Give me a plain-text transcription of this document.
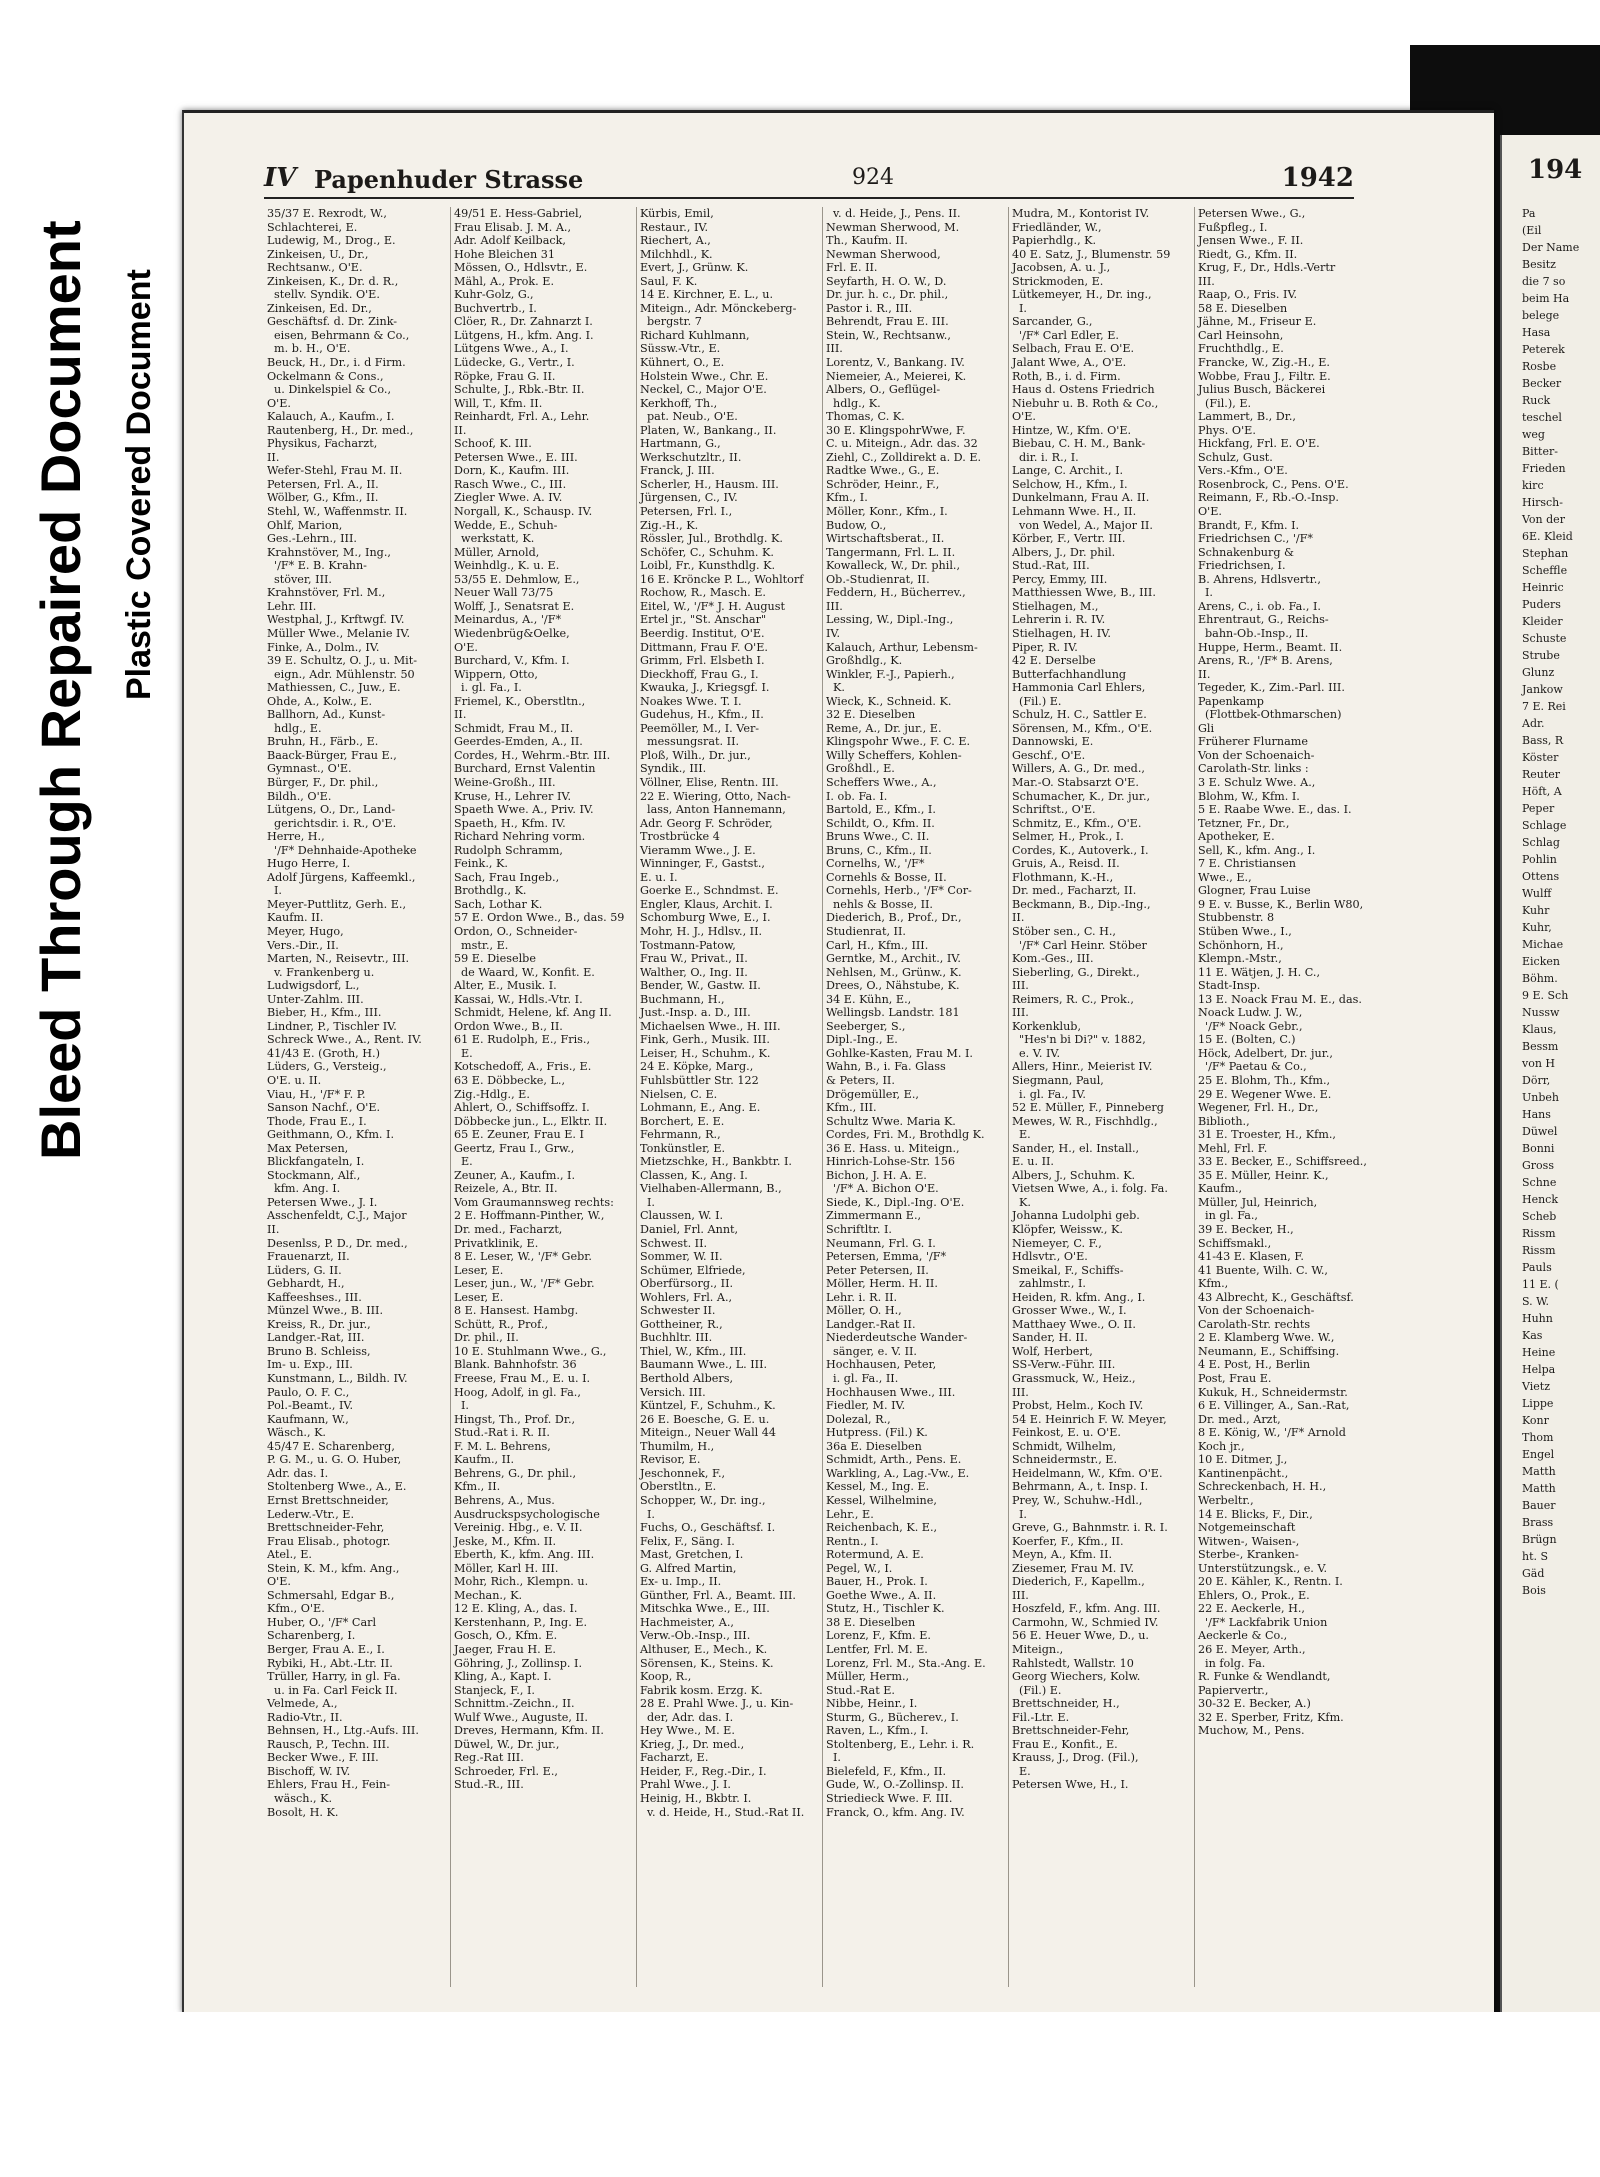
Bleed Through Repaired Document Plastic Covered Document
IV Papenhuder Strasse	924	1942
35/37 E. Rexrodt, W.,
Schlachterei, E.
Ludewig, M., Drog., E.
Zinkeisen, U., Dr.,
Rechtsanw., O'E.
Zinkeisen, K., Dr. d. R.,
stellv. Syndik. O'E.
Zinkeisen, Ed. Dr.,
Geschäftsf. d. Dr. Zink-
eisen, Behrmann & Co.,
m. b. H., O'E.
Beuck, H., Dr., i. d Firm.
Ockelmann & Cons.,
u. Dinkelspiel & Co.,
O'E.
Kalauch, A., Kaufm., I.
Rautenberg, H., Dr. med.,
Physikus, Facharzt,
II.
Wefer-Stehl, Frau M. II.
Petersen, Frl. A., II.
Wölber, G., Kfm., II.
Stehl, W., Waffenmstr. II.
Ohlf, Marion,
Ges.-Lehrn., III.
Krahnstöver, M., Ing.,
'/F* E. B. Krahn-
stöver, III.
Krahnstöver, Frl. M.,
Lehr. III.
Westphal, J., Krftwgf. IV.
Müller Wwe., Melanie IV.
Finke, A., Dolm., IV.
39 E. Schultz, O. J., u. Mit-
eign., Adr. Mühlenstr. 50
Mathiessen, C., Juw., E.
Ohde, A., Kolw., E.
Ballhorn, Ad., Kunst-
hdlg., E.
Bruhn, H., Färb., E.
Baack-Bürger, Frau E.,
Gymnast., O'E.
Bürger, F., Dr. phil.,
Bildh., O'E.
Lütgens, O., Dr., Land-
gerichtsdir. i. R., O'E.
Herre, H.,
'/F* Dehnhaide-Apotheke
Hugo Herre, I.
Adolf Jürgens, Kaffeemkl.,
I.
Meyer-Puttlitz, Gerh. E.,
Kaufm. II.
Meyer, Hugo,
Vers.-Dir., II.
Marten, N., Reisevtr., III.
v. Frankenberg u.
Ludwigsdorf, L.,
Unter-Zahlm. III.
Bieber, H., Kfm., III.
Lindner, P., Tischler IV.
Schreck Wwe., A., Rent. IV.
41/43 E. (Groth, H.)
Lüders, G., Versteig.,
O'E. u. II.
Viau, H., '/F* F. P.
Sanson Nachf., O'E.
Thode, Frau E., I.
Geithmann, O., Kfm. I.
Max Petersen,
Blickfangateln, I.
Stockmann, Alf.,
kfm. Ang. I.
Petersen Wwe., J. I.
Asschenfeldt, C.J., Major
II.
Desenlss, P. D., Dr. med.,
Frauenarzt, II.
Lüders, G. II.
Gebhardt, H.,
Kaffeeshses., III.
Münzel Wwe., B. III.
Kreiss, R., Dr. jur.,
Landger.-Rat, III.
Bruno B. Schleiss,
Im- u. Exp., III.
Kunstmann, L., Bildh. IV.
Paulo, O. F. C.,
Pol.-Beamt., IV.
Kaufmann, W.,
Wäsch., K.
45/47 E. Scharenberg,
P. G. M., u. G. O. Huber,
Adr. das. I.
Stoltenberg Wwe., A., E.
Ernst Brettschneider,
Lederw.-Vtr., E.
Brettschneider-Fehr,
Frau Elisab., photogr.
Atel., E.
Stein, K. M., kfm. Ang.,
O'E.
Schmersahl, Edgar B.,
Kfm., O'E.
Huber, O., '/F* Carl
Scharenberg, I.
Berger, Frau A. E., I.
Rybiki, H., Abt.-Ltr. II.
Trüller, Harry, in gl. Fa.
u. in Fa. Carl Feick II.
Velmede, A.,
Radio-Vtr., II.
Behnsen, H., Ltg.-Aufs. III.
Rausch, P., Techn. III.
Becker Wwe., F. III.
Bischoff, W. IV.
Ehlers, Frau H., Fein-
wäsch., K.
Bosolt, H. K.
49/51 E. Hess-Gabriel,
Frau Elisab. J. M. A.,
Adr. Adolf Keilback,
Hohe Bleichen 31
Mössen, O., Hdlsvtr., E.
Mähl, A., Prok. E.
Kuhr-Golz, G.,
Buchvertrb., I.
Clöer, R., Dr. Zahnarzt I.
Lütgens, H., kfm. Ang. I.
Lütgens Wwe., A., I.
Lüdecke, G., Vertr., I.
Röpke, Frau G. II.
Schulte, J., Rbk.-Btr. II.
Will, T., Kfm. II.
Reinhardt, Frl. A., Lehr.
II.
Schoof, K. III.
Petersen Wwe., E. III.
Dorn, K., Kaufm. III.
Rasch Wwe., C., III.
Ziegler Wwe. A. IV.
Norgall, K., Schausp. IV.
Wedde, E., Schuh-
werkstatt, K.
Müller, Arnold,
Weinhdlg., K. u. E.
53/55 E. Dehmlow, E.,
Neuer Wall 73/75
Wolff, J., Senatsrat E.
Meinardus, A., '/F*
Wiedenbrüg&Oelke,
O'E.
Burchard, V., Kfm. I.
Wippern, Otto,
i. gl. Fa., I.
Friemel, K., Oberstltn.,
II.
Schmidt, Frau M., II.
Geerdes-Emden, A., II.
Cordes, H., Wehrm.-Btr. III.
Burchard, Ernst Valentin
Weine-Großh., III.
Kruse, H., Lehrer IV.
Spaeth Wwe. A., Priv. IV.
Spaeth, H., Kfm. IV.
Richard Nehring vorm.
Rudolph Schramm,
Feink., K.
Sach, Frau Ingeb.,
Brothdlg., K.
Sach, Lothar K.
57 E. Ordon Wwe., B., das. 59
Ordon, O., Schneider-
mstr., E.
59 E. Dieselbe
de Waard, W., Konfit. E.
Alter, E., Musik. I.
Kassai, W., Hdls.-Vtr. I.
Schmidt, Helene, kf. Ang II.
Ordon Wwe., B., II.
61 E. Rudolph, E., Fris.,
E.
Kotschedoff, A., Fris., E.
63 E. Döbbecke, L.,
Zig.-Hdlg., E.
Ahlert, O., Schiffsoffz. I.
Döbbecke jun., L., Elktr. II.
65 E. Zeuner, Frau E. I
Geertz, Frau I., Grw.,
E.
Zeuner, A., Kaufm., I.
Reizele, A., Btr. II.
Vom Graumannsweg rechts:
2 E. Hoffmann-Pinther, W.,
Dr. med., Facharzt,
Privatklinik, E.
8 E. Leser, W., '/F* Gebr.
Leser, E.
Leser, jun., W., '/F* Gebr.
Leser, E.
8 E. Hansest. Hambg.
Schütt, R., Prof.,
Dr. phil., II.
10 E. Stuhlmann Wwe., G.,
Blank. Bahnhofstr. 36
Freese, Frau M., E. u. I.
Hoog, Adolf, in gl. Fa.,
I.
Hingst, Th., Prof. Dr.,
Stud.-Rat i. R. II.
F. M. L. Behrens,
Kaufm., II.
Behrens, G., Dr. phil.,
Kfm., II.
Behrens, A., Mus.
Ausdruckspsychologische
Vereinig. Hbg., e. V. II.
Jeske, M., Kfm. II.
Eberth, K., kfm. Ang. III.
Möller, Karl H. III.
Mohr, Rich., Klempn. u.
Mechan., K.
12 E. Kling, A., das. I.
Kerstenhann, P., Ing. E.
Gosch, O., Kfm. E.
Jaeger, Frau H. E.
Göhring, J., Zollinsp. I.
Kling, A., Kapt. I.
Stanjeck, F., I.
Schnittm.-Zeichn., II.
Wulf Wwe., Auguste, II.
Dreves, Hermann, Kfm. II.
Düwel, W., Dr. jur.,
Reg.-Rat III.
Schroeder, Frl. E.,
Stud.-R., III.
Kürbis, Emil,
Restaur., IV.
Riechert, A.,
Milchhdl., K.
Evert, J., Grünw. K.
Saul, F. K.
14 E. Kirchner, E. L., u.
Miteign., Adr. Mönckeberg-
bergstr. 7
Richard Kuhlmann,
Süssw.-Vtr., E.
Kühnert, O., E.
Holstein Wwe., Chr. E.
Neckel, C., Major O'E.
Kerkhoff, Th.,
pat. Neub., O'E.
Platen, W., Bankang., II.
Hartmann, G.,
Werkschutzltr., II.
Franck, J. III.
Scherler, H., Hausm. III.
Jürgensen, C., IV.
Petersen, Frl. I.,
Zig.-H., K.
Rössler, Jul., Brothdlg. K.
Schöfer, C., Schuhm. K.
Loibl, Fr., Kunsthdlg. K.
16 E. Kröncke P. L., Wohltorf
Rochow, R., Masch. E.
Eitel, W., '/F* J. H. August
Ertel jr., "St. Anschar"
Beerdig. Institut, O'E.
Dittmann, Frau F. O'E.
Grimm, Frl. Elsbeth I.
Dieckhoff, Frau G., I.
Kwauka, J., Kriegsgf. I.
Noakes Wwe. T. I.
Gudehus, H., Kfm., II.
Peemöller, M., I. Ver-
messungsrat. II.
Ploß, Wilh., Dr. jur.,
Syndik., III.
Völlner, Elise, Rentn. III.
22 E. Wiering, Otto, Nach-
lass, Anton Hannemann,
Adr. Georg F. Schröder,
Trostbrücke 4
Vieramm Wwe., J. E.
Winninger, F., Gastst.,
E. u. I.
Goerke E., Schndmst. E.
Engler, Klaus, Archit. I.
Schomburg Wwe, E., I.
Mohr, H. J., Hdlsv., II.
Tostmann-Patow,
Frau W., Privat., II.
Walther, O., Ing. II.
Bender, W., Gastw. II.
Buchmann, H.,
Just.-Insp. a. D., III.
Michaelsen Wwe., H. III.
Fink, Gerh., Musik. III.
Leiser, H., Schuhm., K.
24 E. Köpke, Marg.,
Fuhlsbüttler Str. 122
Nielsen, C. E.
Lohmann, E., Ang. E.
Borchert, E. E.
Fehrmann, R.,
Tonkünstler, E.
Mietzschke, H., Bankbtr. I.
Classen, K., Ang. I.
Vielhaben-Allermann, B.,
I.
Claussen, W. I.
Daniel, Frl. Annt,
Schwest. II.
Sommer, W. II.
Schümer, Elfriede,
Oberfürsorg., II.
Wohlers, Frl. A.,
Schwester II.
Gottheiner, R.,
Buchhltr. III.
Thiel, W., Kfm., III.
Baumann Wwe., L. III.
Berthold Albers,
Versich. III.
Küntzel, F., Schuhm., K.
26 E. Boesche, G. E. u.
Miteign., Neuer Wall 44
Thumilm, H.,
Revisor, E.
Jeschonnek, F.,
Oberstltn., E.
Schopper, W., Dr. ing.,
I.
Fuchs, O., Geschäftsf. I.
Felix, F., Säng. I.
Mast, Gretchen, I.
G. Alfred Martin,
Ex- u. Imp., II.
Günther, Frl. A., Beamt. III.
Mitschka Wwe., E., III.
Hachmeister, A.,
Verw.-Ob.-Insp., III.
Althuser, E., Mech., K.
Sörensen, K., Steins. K.
Koop, R.,
Fabrik kosm. Erzg. K.
28 E. Prahl Wwe. J., u. Kin-
der, Adr. das. I.
Hey Wwe., M. E.
Krieg, J., Dr. med.,
Facharzt, E.
Heider, F., Reg.-Dir., I.
Prahl Wwe., J. I.
Heinig, H., Bkbtr. I.
v. d. Heide, H., Stud.-Rat II.
v. d. Heide, J., Pens. II.
Newman Sherwood, M.
Th., Kaufm. II.
Newman Sherwood,
Frl. E. II.
Seyfarth, H. O. W., D.
Dr. jur. h. c., Dr. phil.,
Pastor i. R., III.
Behrendt, Frau E. III.
Stein, W., Rechtsanw.,
III.
Lorentz, V., Bankang. IV.
Niemeier, A., Meierei, K.
Albers, O., Geflügel-
hdlg., K.
Thomas, C. K.
30 E. KlingspohrWwe, F.
C. u. Miteign., Adr. das. 32
Ziehl, C., Zolldirekt a. D. E.
Radtke Wwe., G., E.
Schröder, Heinr., F.,
Kfm., I.
Möller, Konr., Kfm., I.
Budow, O.,
Wirtschaftsberat., II.
Tangermann, Frl. L. II.
Kowalleck, W., Dr. phil.,
Ob.-Studienrat, II.
Feddern, H., Bücherrev.,
III.
Lessing, W., Dipl.-Ing.,
IV.
Kalauch, Arthur, Lebensm-
Großhdlg., K.
Winkler, F.-J., Papierh.,
K.
Wieck, K., Schneid. K.
32 E. Dieselben
Reme, A., Dr. jur., E.
Klingspohr Wwe., F. C. E.
Willy Scheffers, Kohlen-
Großhdl., E.
Scheffers Wwe., A.,
I. ob. Fa. I.
Bartold, E., Kfm., I.
Schildt, O., Kfm. II.
Bruns Wwe., C. II.
Bruns, C., Kfm., II.
Cornelhs, W., '/F*
Cornehls & Bosse, II.
Cornehls, Herb., '/F* Cor-
nehls & Bosse, II.
Diederich, B., Prof., Dr.,
Studienrat, II.
Carl, H., Kfm., III.
Gerntke, M., Archit., IV.
Nehlsen, M., Grünw., K.
Drees, O., Nähstube, K.
34 E. Kühn, E.,
Wellingsb. Landstr. 181
Seeberger, S.,
Dipl.-Ing., E.
Gohlke-Kasten, Frau M. I.
Wahn, B., i. Fa. Glass
& Peters, II.
Drögemüller, E.,
Kfm., III.
Schultz Wwe. Maria K.
Cordes, Fri. M., Brothdlg K.
36 E. Hass. u. Miteign.,
Hinrich-Lohse-Str. 156
Bichon, J. H. A. E.
'/F* A. Bichon O'E.
Siede, K., Dipl.-Ing. O'E.
Zimmermann E.,
Schriftltr. I.
Neumann, Frl. G. I.
Petersen, Emma, '/F*
Peter Petersen, II.
Möller, Herm. H. II.
Lehr. i. R. II.
Möller, O. H.,
Landger.-Rat II.
Niederdeutsche Wander-
sänger, e. V. II.
Hochhausen, Peter,
i. gl. Fa., II.
Hochhausen Wwe., III.
Fiedler, M. IV.
Dolezal, R.,
Hutpress. (Fil.) K.
36a E. Dieselben
Schmidt, Arth., Pens. E.
Warkling, A., Lag.-Vw., E.
Kessel, M., Ing. E.
Kessel, Wilhelmine,
Lehr., E.
Reichenbach, K. E.,
Rentn., I.
Rotermund, A. E.
Pegel, W., I.
Bauer, H., Prok. I.
Goethe Wwe., A. II.
Stutz, H., Tischler K.
38 E. Dieselben
Lorenz, F., Kfm. E.
Lentfer, Frl. M. E.
Lorenz, Frl. M., Sta.-Ang. E.
Müller, Herm.,
Stud.-Rat E.
Nibbe, Heinr., I.
Sturm, G., Bücherev., I.
Raven, L., Kfm., I.
Stoltenberg, E., Lehr. i. R.
I.
Bielefeld, F., Kfm., II.
Gude, W., O.-Zollinsp. II.
Striedieck Wwe. F. III.
Franck, O., kfm. Ang. IV.
Mudra, M., Kontorist IV.
Friedländer, W.,
Papierhdlg., K.
40 E. Satz, J., Blumenstr. 59
Jacobsen, A. u. J.,
Strickmoden, E.
Lütkemeyer, H., Dr. ing.,
I.
Sarcander, G.,
'/F* Carl Edler, E.
Selbach, Frau E. O'E.
Jalant Wwe, A., O'E.
Roth, B., i. d. Firm.
Haus d. Ostens Friedrich
Niebuhr u. B. Roth & Co.,
O'E.
Hintze, W., Kfm. O'E.
Biebau, C. H. M., Bank-
dir. i. R., I.
Lange, C. Archit., I.
Selchow, H., Kfm., I.
Dunkelmann, Frau A. II.
Lehmann Wwe. H., II.
von Wedel, A., Major II.
Körber, F., Vertr. III.
Albers, J., Dr. phil.
Stud.-Rat, III.
Percy, Emmy, III.
Matthiessen Wwe, B., III.
Stielhagen, M.,
Lehrerin i. R. IV.
Stielhagen, H. IV.
Piper, R. IV.
42 E. Derselbe
Butterfachhandlung
Hammonia Carl Ehlers,
(Fil.) E.
Schulz, H. C., Sattler E.
Sörensen, M., Kfm., O'E.
Dannowski, E.
Geschf., O'E.
Willers, A. G., Dr. med.,
Mar.-O. Stabsarzt O'E.
Schumacher, K., Dr. jur.,
Schriftst., O'E.
Schmitz, E., Kfm., O'E.
Selmer, H., Prok., I.
Cordes, K., Autoverk., I.
Gruis, A., Reisd. II.
Flothmann, K.-H.,
Dr. med., Facharzt, II.
Beckmann, B., Dip.-Ing.,
II.
Stöber sen., C. H.,
'/F* Carl Heinr. Stöber
Kom.-Ges., III.
Sieberling, G., Direkt.,
III.
Reimers, R. C., Prok.,
III.
Korkenklub,
"Hes'n bi Di?" v. 1882,
e. V. IV.
Allers, Hinr., Meierist IV.
Siegmann, Paul,
i. gl. Fa., IV.
52 E. Müller, F., Pinneberg
Mewes, W. R., Fischhdlg.,
E.
Sander, H., el. Install.,
E. u. II.
Albers, J., Schuhm. K.
Vietsen Wwe, A., i. folg. Fa.
K.
Johanna Ludolphi geb.
Klöpfer, Weissw., K.
Niemeyer, C. F.,
Hdlsvtr., O'E.
Smeikal, F., Schiffs-
zahlmstr., I.
Heiden, R. kfm. Ang., I.
Grosser Wwe., W., I.
Matthaey Wwe., O. II.
Sander, H. II.
Wolf, Herbert,
SS-Verw.-Führ. III.
Grassmuck, W., Heiz.,
III.
Probst, Helm., Koch IV.
54 E. Heinrich F. W. Meyer,
Feinkost, E. u. O'E.
Schmidt, Wilhelm,
Schneidermstr., E.
Heidelmann, W., Kfm. O'E.
Behrmann, A., t. Insp. I.
Prey, W., Schuhw.-Hdl.,
I.
Greve, G., Bahnmstr. i. R. I.
Koerfer, F., Kfm., II.
Meyn, A., Kfm. II.
Ziesemer, Frau M. IV.
Diederich, F., Kapellm.,
III.
Hoszfeld, F., kfm. Ang. III.
Carmohn, W., Schmied IV.
56 E. Heuer Wwe, D., u.
Miteign.,
Rahlstedt, Wallstr. 10
Georg Wiechers, Kolw.
(Fil.) E.
Brettschneider, H.,
Fil.-Ltr. E.
Brettschneider-Fehr,
Frau E., Konfit., E.
Krauss, J., Drog. (Fil.),
E.
Petersen Wwe, H., I.
Petersen Wwe., G.,
Fußpfleg., I.
Jensen Wwe., F. II.
Riedt, G., Kfm. II.
Krug, F., Dr., Hdls.-Vertr
III.
Raap, O., Fris. IV.
58 E. Dieselben
Jähne, M., Friseur E.
Carl Heinsohn,
Fruchthdlg., E.
Francke, W., Zig.-H., E.
Wobbe, Frau J., Filtr. E.
Julius Busch, Bäckerei
(Fil.), E.
Lammert, B., Dr.,
Phys. O'E.
Hickfang, Frl. E. O'E.
Schulz, Gust.
Vers.-Kfm., O'E.
Rosenbrock, C., Pens. O'E.
Reimann, F., Rb.-O.-Insp.
O'E.
Brandt, F., Kfm. I.
Friedrichsen C., '/F*
Schnakenburg &
Friedrichsen, I.
B. Ahrens, Hdlsvertr.,
I.
Arens, C., i. ob. Fa., I.
Ehrentraut, G., Reichs-
bahn-Ob.-Insp., II.
Huppe, Herm., Beamt. II.
Arens, R., '/F* B. Arens,
II.
Tegeder, K., Zim.-Parl. III.
Papenkamp
(Flottbek-Othmarschen)
Gli
Früherer Flurname
Von der Schoenaich-
Carolath-Str. links :
3 E. Schulz Wwe. A.,
Blohm, W., Kfm. I.
5 E. Raabe Wwe. E., das. I.
Tetzner, Fr., Dr.,
Apotheker, E.
Sell, K., kfm. Ang., I.
7 E. Christiansen
Wwe., E.,
Glogner, Frau Luise
9 E. v. Busse, K., Berlin W80,
Stubbenstr. 8
Stüben Wwe., I.,
Schönhorn, H.,
Klempn.-Mstr.,
11 E. Wätjen, J. H. C.,
Stadt-Insp.
13 E. Noack Frau M. E., das.
Noack Ludw. J. W.,
'/F* Noack Gebr.,
15 E. (Bolten, C.)
Höck, Adelbert, Dr. jur.,
'/F* Paetau & Co.,
25 E. Blohm, Th., Kfm.,
29 E. Wegener Wwe. E.
Wegener, Frl. H., Dr.,
Biblioth.,
31 E. Troester, H., Kfm.,
Mehl, Frl. F.
33 E. Becker, E., Schiffsreed.,
35 E. Müller, Heinr. K.,
Kaufm.,
Müller, Jul, Heinrich,
in gl. Fa.,
39 E. Becker, H.,
Schiffsmakl.,
41-43 E. Klasen, F.
41 Buente, Wilh. C. W.,
Kfm.,
43 Albrecht, K., Geschäftsf.
Von der Schoenaich-
Carolath-Str. rechts
2 E. Klamberg Wwe. W.,
Neumann, E., Schiffsing.
4 E. Post, H., Berlin
Post, Frau E.
Kukuk, H., Schneidermstr.
6 E. Villinger, A., San.-Rat,
Dr. med., Arzt,
8 E. König, W., '/F* Arnold
Koch jr.,
10 E. Ditmer, J.,
Kantinenpächt.,
Schreckenbach, H. H.,
Werbeltr.,
14 E. Blicks, F., Dir.,
Notgemeinschaft
Witwen-, Waisen-,
Sterbe-, Kranken-
Unterstützungsk., e. V.
20 E. Kähler, K., Rentn. I.
Ehlers, O., Prok., E.
22 E. Aeckerle, H.,
'/F* Lackfabrik Union
Aeckerle & Co.,
26 E. Meyer, Arth.,
in folg. Fa.
R. Funke & Wendlandt,
Papiervertr.,
30-32 E. Becker, A.)
32 E. Sperber, Fritz, Kfm.
Muchow, M., Pens.
194
Pa
(Eil
Der Name
Besitz
die 7 so
beim Ha
belege
Hasa
Peterek
Rosbe
Becker
Ruck
teschel
weg
Bitter-
Frieden
kirc
Hirsch-
Von der
6E. Kleid
Stephan
Scheffle
Heinric
Puders
Kleider
Schuste
Strube
Glunz
Jankow
7 E. Rei
Adr.
Bass, R
Köster
Reuter
Höft, A
Peper
Schlage
Schlag
Pohlin
Ottens
Wulff
Kuhr
Kuhr,
Michae
Eicken
Böhm.
9 E. Sch
Nussw
Klaus,
Bessm
von H
Dörr,
Unbeh
Hans
Düwel
Bonni
Gross
Schne
Henck
Scheb
Rissm
Rissm
Pauls
11 E. (
S. W.
Huhn
Kas
Heine
Helpa
Vietz
Lippe
Konr
Thom
Engel
Matth
Matth
Bauer
Brass
Brügn
ht. S
Gäd
Bois
